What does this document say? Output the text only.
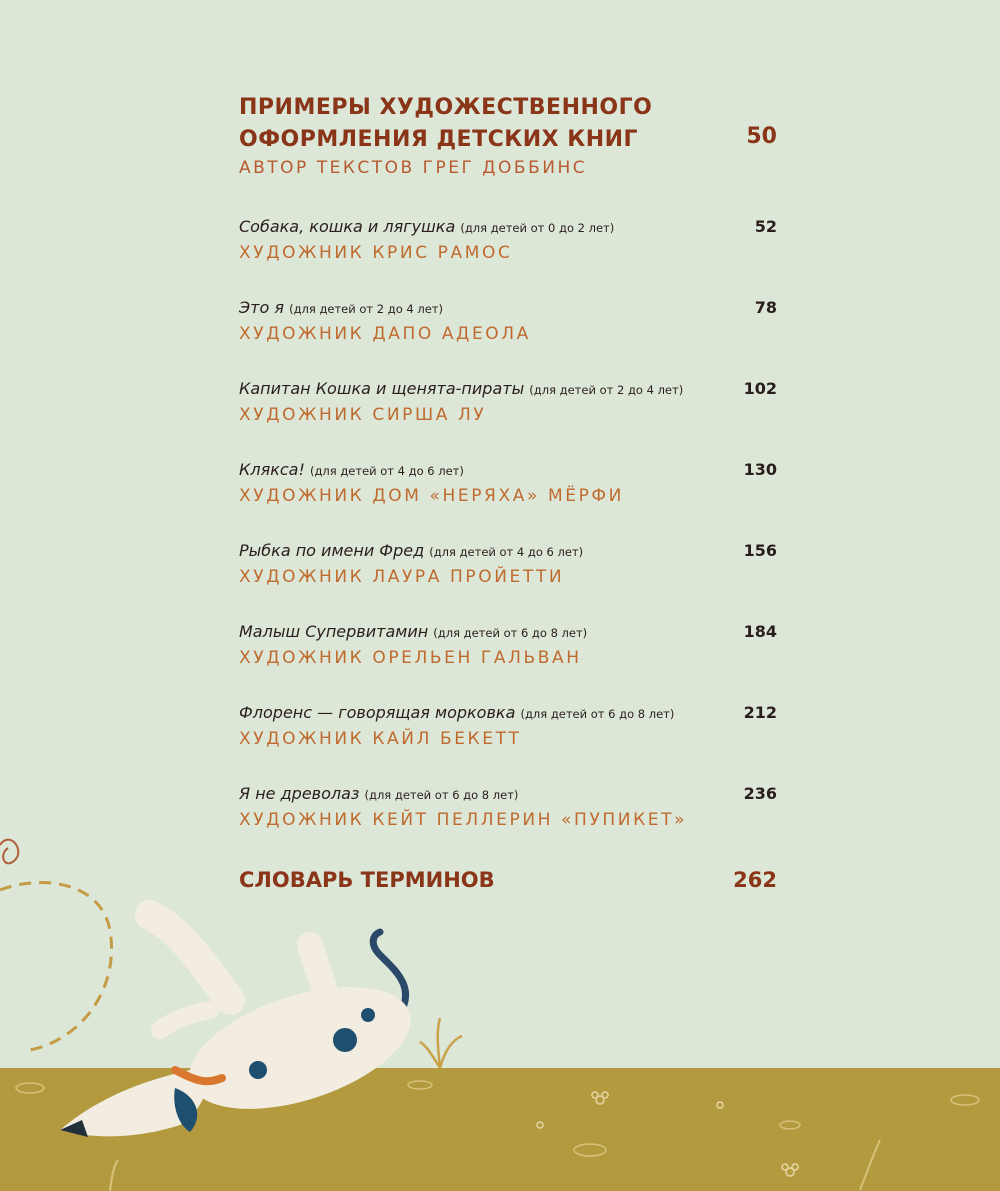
ПРИМЕРЫ ХУДОЖЕСТВЕННОГО
ОФОРМЛЕНИЯ ДЕТСКИХ КНИГ	50
АВТОР ТЕКСТОВ ГРЕГ ДОББИНС
Собака, кошка и лягушка (для детей от 0 до 2 лет)	52
ХУДОЖНИК КРИС РАМОС
Это я (для детей от 2 до 4 лет)	78
ХУДОЖНИК ДАПО АДЕОЛА
Капитан Кошка и щенята-пираты (для детей от 2 до 4 лет)	102
ХУДОЖНИК СИРША ЛУ
Клякса! (для детей от 4 до 6 лет)	130
ХУДОЖНИК ДОМ «НЕРЯХА» МЁРФИ
Рыбка по имени Фред (для детей от 4 до 6 лет)	156
ХУДОЖНИК ЛАУРА ПРОЙЕТТИ
Малыш Супервитамин (для детей от 6 до 8 лет)	184
ХУДОЖНИК ОРЕЛЬЕН ГАЛЬВАН
Флоренс — говорящая морковка (для детей от 6 до 8 лет)	212
ХУДОЖНИК КАЙЛ БЕКЕТТ
Я не древолаз (для детей от 6 до 8 лет)	236
ХУДОЖНИК КЕЙТ ПЕЛЛЕРИН «ПУПИКЕТ»
СЛОВАРЬ ТЕРМИНОВ	262
